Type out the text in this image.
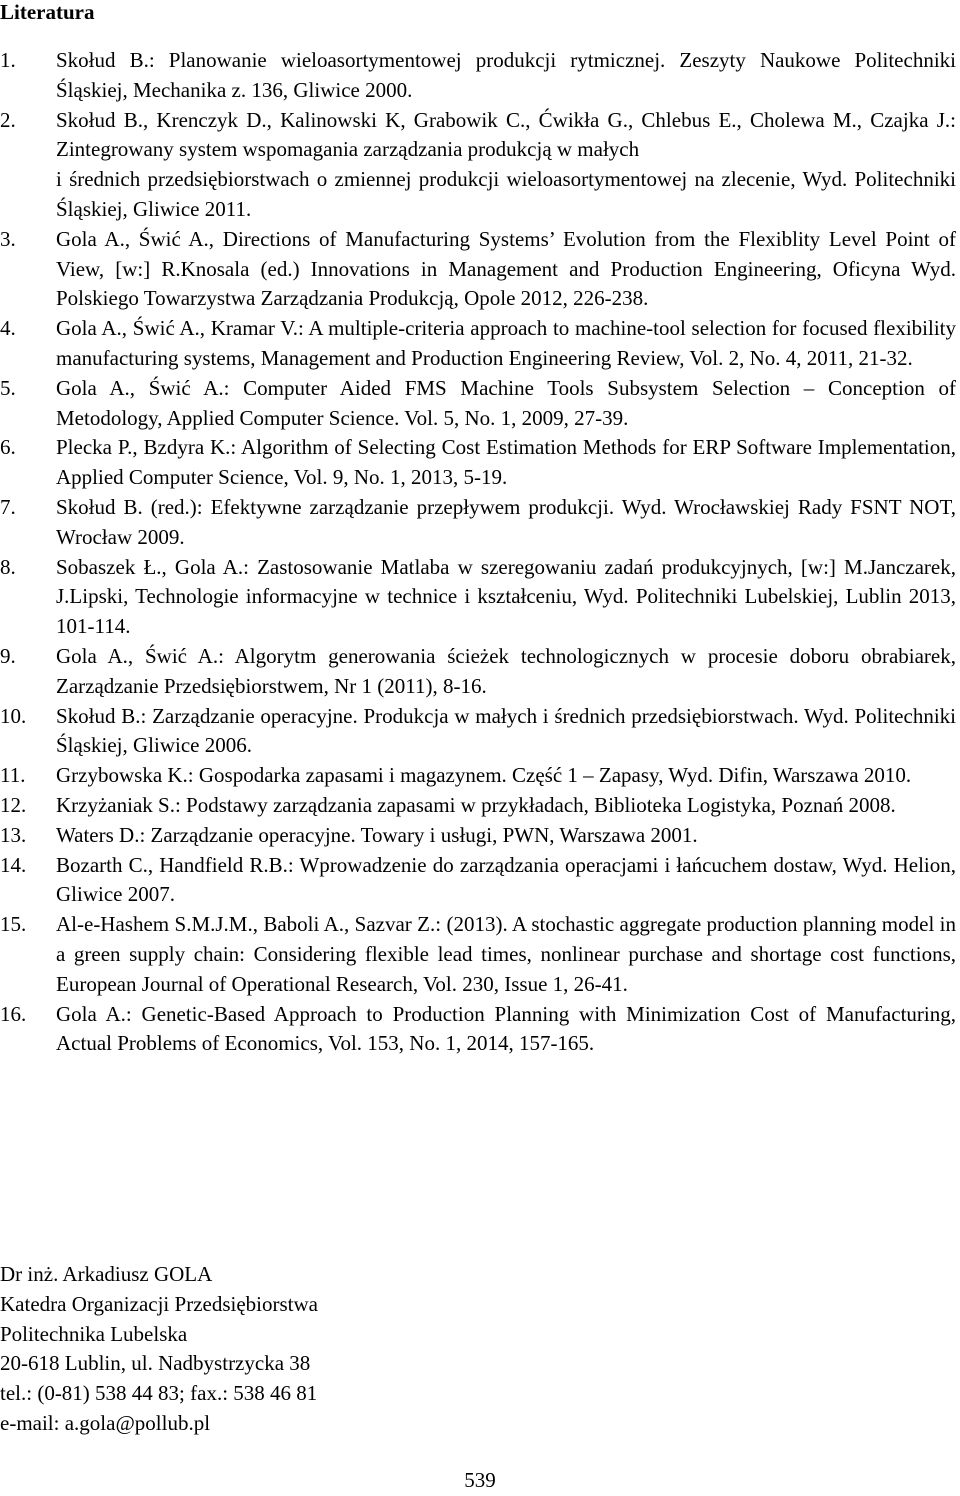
Literatura
1.	Skołud B.: Planowanie wieloasortymentowej produkcji rytmicznej. Zeszyty Naukowe Politechniki Śląskiej, Mechanika z. 136, Gliwice 2000.
2.	Skołud B., Krenczyk D., Kalinowski K, Grabowik C., Ćwikła G., Chlebus E., Cholewa M., Czajka J.: Zintegrowany system wspomagania zarządzania produkcją w małych
i średnich przedsiębiorstwach o zmiennej produkcji wieloasortymentowej na zlecenie, Wyd. Politechniki Śląskiej, Gliwice 2011.
3.	Gola A., Świć A., Directions of Manufacturing Systems’ Evolution from the Flexiblity Level Point of View, [w:] R.Knosala (ed.) Innovations in Management and Production Engineering, Oficyna Wyd. Polskiego Towarzystwa Zarządzania Produkcją, Opole 2012, 226-238.
4.	Gola A., Świć A., Kramar V.: A multiple-criteria approach to machine-tool selection for focused flexibility manufacturing systems, Management and Production Engineering Review, Vol. 2, No. 4, 2011, 21-32.
5.	Gola A., Świć A.: Computer Aided FMS Machine Tools Subsystem Selection – Conception of Metodology, Applied Computer Science. Vol. 5, No. 1, 2009, 27-39.
6.	Plecka P., Bzdyra K.: Algorithm of Selecting Cost Estimation Methods for ERP Software Implementation, Applied Computer Science, Vol. 9, No. 1, 2013, 5-19.
7.	Skołud B. (red.): Efektywne zarządzanie przepływem produkcji. Wyd. Wrocławskiej Rady FSNT NOT, Wrocław 2009.
8.	Sobaszek Ł., Gola A.: Zastosowanie Matlaba w szeregowaniu zadań produkcyjnych, [w:] M.Janczarek, J.Lipski, Technologie informacyjne w technice i kształceniu, Wyd. Politechniki Lubelskiej, Lublin 2013, 101-114.
9.	Gola A., Świć A.: Algorytm generowania ścieżek technologicznych w procesie doboru obrabiarek, Zarządzanie Przedsiębiorstwem, Nr 1 (2011), 8-16.
10.	Skołud B.: Zarządzanie operacyjne. Produkcja w małych i średnich przedsiębiorstwach. Wyd. Politechniki Śląskiej, Gliwice 2006.
11.	Grzybowska K.: Gospodarka zapasami i magazynem. Część 1 – Zapasy, Wyd. Difin, Warszawa 2010.
12.	Krzyżaniak S.: Podstawy zarządzania zapasami w przykładach, Biblioteka Logistyka, Poznań 2008.
13.	Waters D.: Zarządzanie operacyjne. Towary i usługi, PWN, Warszawa 2001.
14.	Bozarth C., Handfield R.B.: Wprowadzenie do zarządzania operacjami i łańcuchem dostaw, Wyd. Helion, Gliwice 2007.
15.	Al-e-Hashem S.M.J.M., Baboli A., Sazvar Z.: (2013). A stochastic aggregate production planning model in a green supply chain: Considering flexible lead times, nonlinear purchase and shortage cost functions, European Journal of Operational Research, Vol. 230, Issue 1, 26-41.
16.	Gola A.: Genetic-Based Approach to Production Planning with Minimization Cost of Manufacturing, Actual Problems of Economics, Vol. 153, No. 1, 2014, 157-165.
Dr inż. Arkadiusz GOLA
Katedra Organizacji Przedsiębiorstwa
Politechnika Lubelska
20-618 Lublin, ul. Nadbystrzycka 38
tel.: (0-81) 538 44 83; fax.: 538 46 81
e-mail: a.gola@pollub.pl
539
